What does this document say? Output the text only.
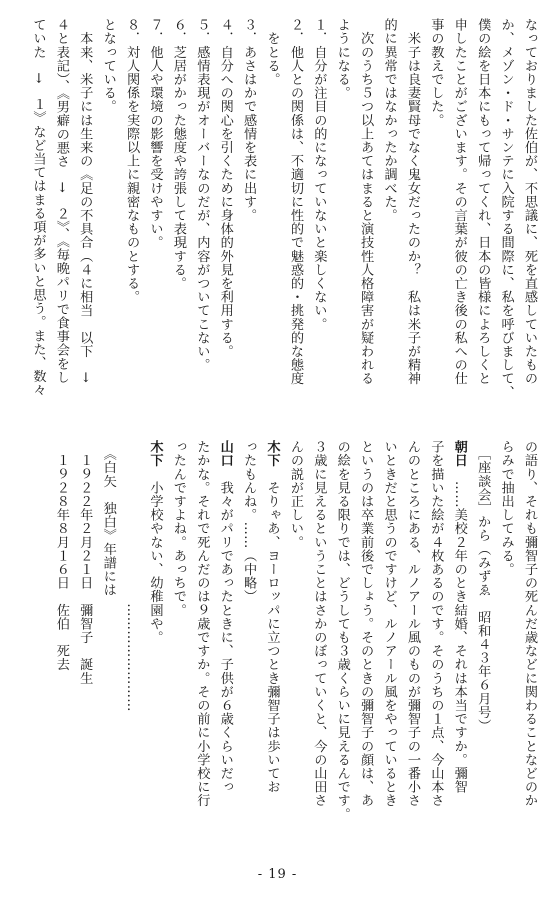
なっておりました佐伯が、不思議に、死を直感していたもの
か、メゾン・ド・サンテに入院する間際に、私を呼びまして、
僕の絵を日本にもって帰ってくれ、日本の皆様によろしくと
申したことがございます。その言葉が彼の亡き後の私への仕
事の教えでした。
　米子は良妻賢母でなく鬼女だったのか？　私は米子が精神
的に異常ではなかったか調べた。
　次のうち５つ以上あてはまると演技性人格障害が疑われる
ようになる。
１．自分が注目の的になっていないと楽しくない。
２．他人との関係は、不適切に性的で魅惑的・挑発的な態度
　をとる。
３．あさはかで感情を表に出す。
４．自分への関心を引くために身体的外見を利用する。
５．感情表現がオーバーなのだが、内容がついてこない。
６．芝居がかった態度や誇張して表現する。
７．他人や環境の影響を受けやすい。
８．対人関係を実際以上に親密なものとする。
となっている。
　本来、米子には生来の《足の不具合（４に相当　以下　→
４と表記）、《男癖の悪さ　→　２》、《毎晩パリで食事会をし
ていた　→　１》など当てはまる項が多いと思う。また、数々
の語り、それも彌智子の死んだ歳などに関わることなどのか
らみで抽出してみる。
　［座談会］から（みずゑ　昭和４３年６月号）
朝日　……美校２年のとき結婚、それは本当ですか。彌智
子を描いた絵が４枚あるのです。そのうちの１点、今山本さ
んのところにある、ルノアール風のものが彌智子の一番小さ
いときだと思うのですけど、ルノアール風をやっているとき
というのは卒業前後でしょう。そのときの彌智子の顔は、あ
の絵を見る限りでは、どうしても３歳くらいに見えるんです。
３歳に見えるということはさかのぼっていくと、今の山田さ
んの説が正しい。
木下　そりゃあ、ヨーロッパに立つとき彌智子は歩いてお
ったもんね。……（中略）
山口　我々がパリであったときに、子供が６歳くらいだっ
たかな。それで死んだのは９歳ですか。その前に小学校に行
ったんですよね。あっちで。
木下　小学校やない、幼稚園や。
　　　　　　　　　　　　……………………
　《白矢　独白》年譜には
　１９２２年２月２１日　彌智子　誕生
　１９２８年８月１６日　佐伯　死去
- 19 -
